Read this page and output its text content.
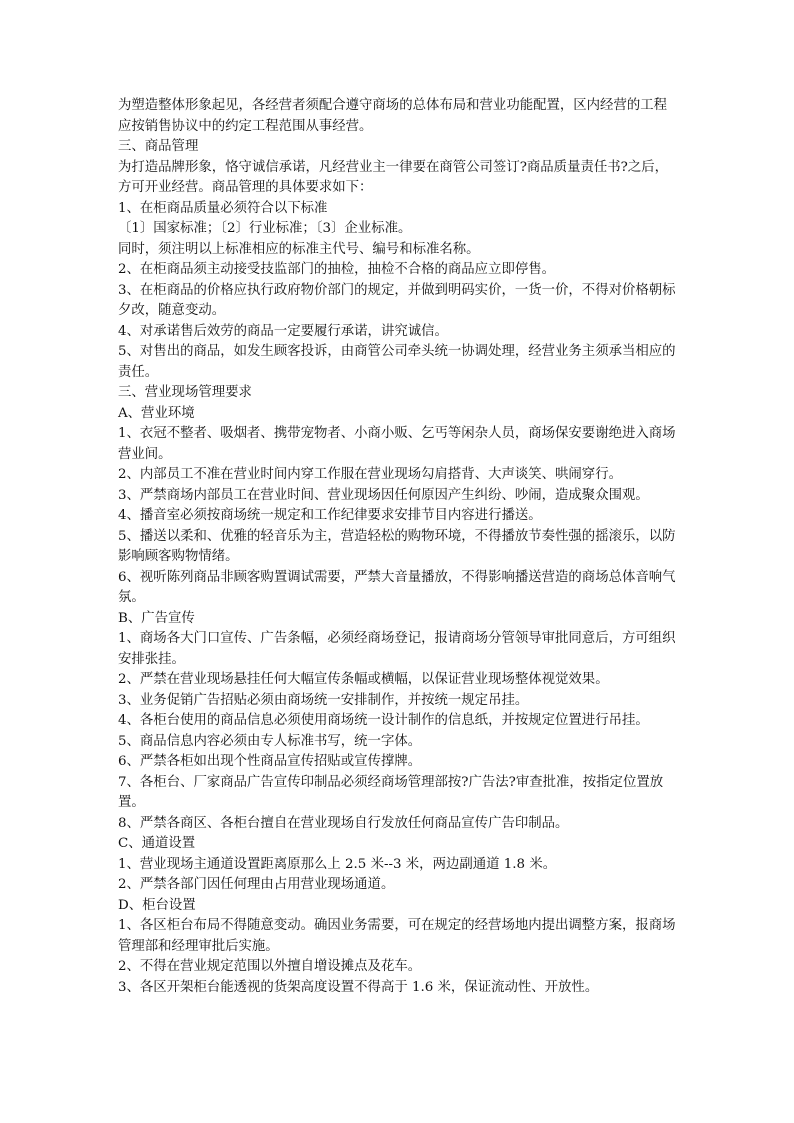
为塑造整体形象起见，各经营者须配合遵守商场的总体布局和营业功能配置，区内经营的工程应按销售协议中的约定工程范围从事经营。

三、商品管理

为打造品牌形象，恪守诚信承诺，凡经营业主一律要在商管公司签订?商品质量责任书?之后，方可开业经营。商品管理的具体要求如下：

1、在柜商品质量必须符合以下标准

〔1〕国家标准；〔2〕行业标准；〔3〕企业标准。

同时，须注明以上标准相应的标准主代号、编号和标准名称。

2、在柜商品须主动接受技监部门的抽检，抽检不合格的商品应立即停售。

3、在柜商品的价格应执行政府物价部门的规定，并做到明码实价，一货一价，不得对价格朝标夕改，随意变动。

4、对承诺售后效劳的商品一定要履行承诺，讲究诚信。

5、对售出的商品，如发生顾客投诉，由商管公司牵头统一协调处理，经营业务主须承当相应的责任。

三、营业现场管理要求

A、营业环境

1、衣冠不整者、吸烟者、携带宠物者、小商小贩、乞丐等闲杂人员，商场保安要谢绝进入商场营业间。

2、内部员工不准在营业时间内穿工作服在营业现场勾肩搭背、大声谈笑、哄闹穿行。

3、严禁商场内部员工在营业时间、营业现场因任何原因产生纠纷、吵闹，造成聚众围观。

4、播音室必须按商场统一规定和工作纪律要求安排节目内容进行播送。

5、播送以柔和、优雅的轻音乐为主，营造轻松的购物环境，不得播放节奏性强的摇滚乐，以防影响顾客购物情绪。

6、视听陈列商品非顾客购置调试需要，严禁大音量播放，不得影响播送营造的商场总体音响气氛。

B、广告宣传

1、商场各大门口宣传、广告条幅，必须经商场登记，报请商场分管领导审批同意后，方可组织安排张挂。

2、严禁在营业现场悬挂任何大幅宣传条幅或横幅，以保证营业现场整体视觉效果。

3、业务促销广告招贴必须由商场统一安排制作，并按统一规定吊挂。

4、各柜台使用的商品信息必须使用商场统一设计制作的信息纸，并按规定位置进行吊挂。

5、商品信息内容必须由专人标准书写，统一字体。

6、严禁各柜如出现个性商品宣传招贴或宣传撑牌。

7、各柜台、厂家商品广告宣传印制品必须经商场管理部按?广告法?审查批准，按指定位置放置。

8、严禁各商区、各柜台擅自在营业现场自行发放任何商品宣传广告印制品。

C、通道设置

1、营业现场主通道设置距离原那么上 2.5 米--3 米，两边副通道 1.8 米。

2、严禁各部门因任何理由占用营业现场通道。

D、柜台设置

1、各区柜台布局不得随意变动。确因业务需要，可在规定的经营场地内提出调整方案，报商场管理部和经理审批后实施。

2、不得在营业规定范围以外擅自增设摊点及花车。

3、各区开架柜台能透视的货架高度设置不得高于 1.6 米，保证流动性、开放性。
